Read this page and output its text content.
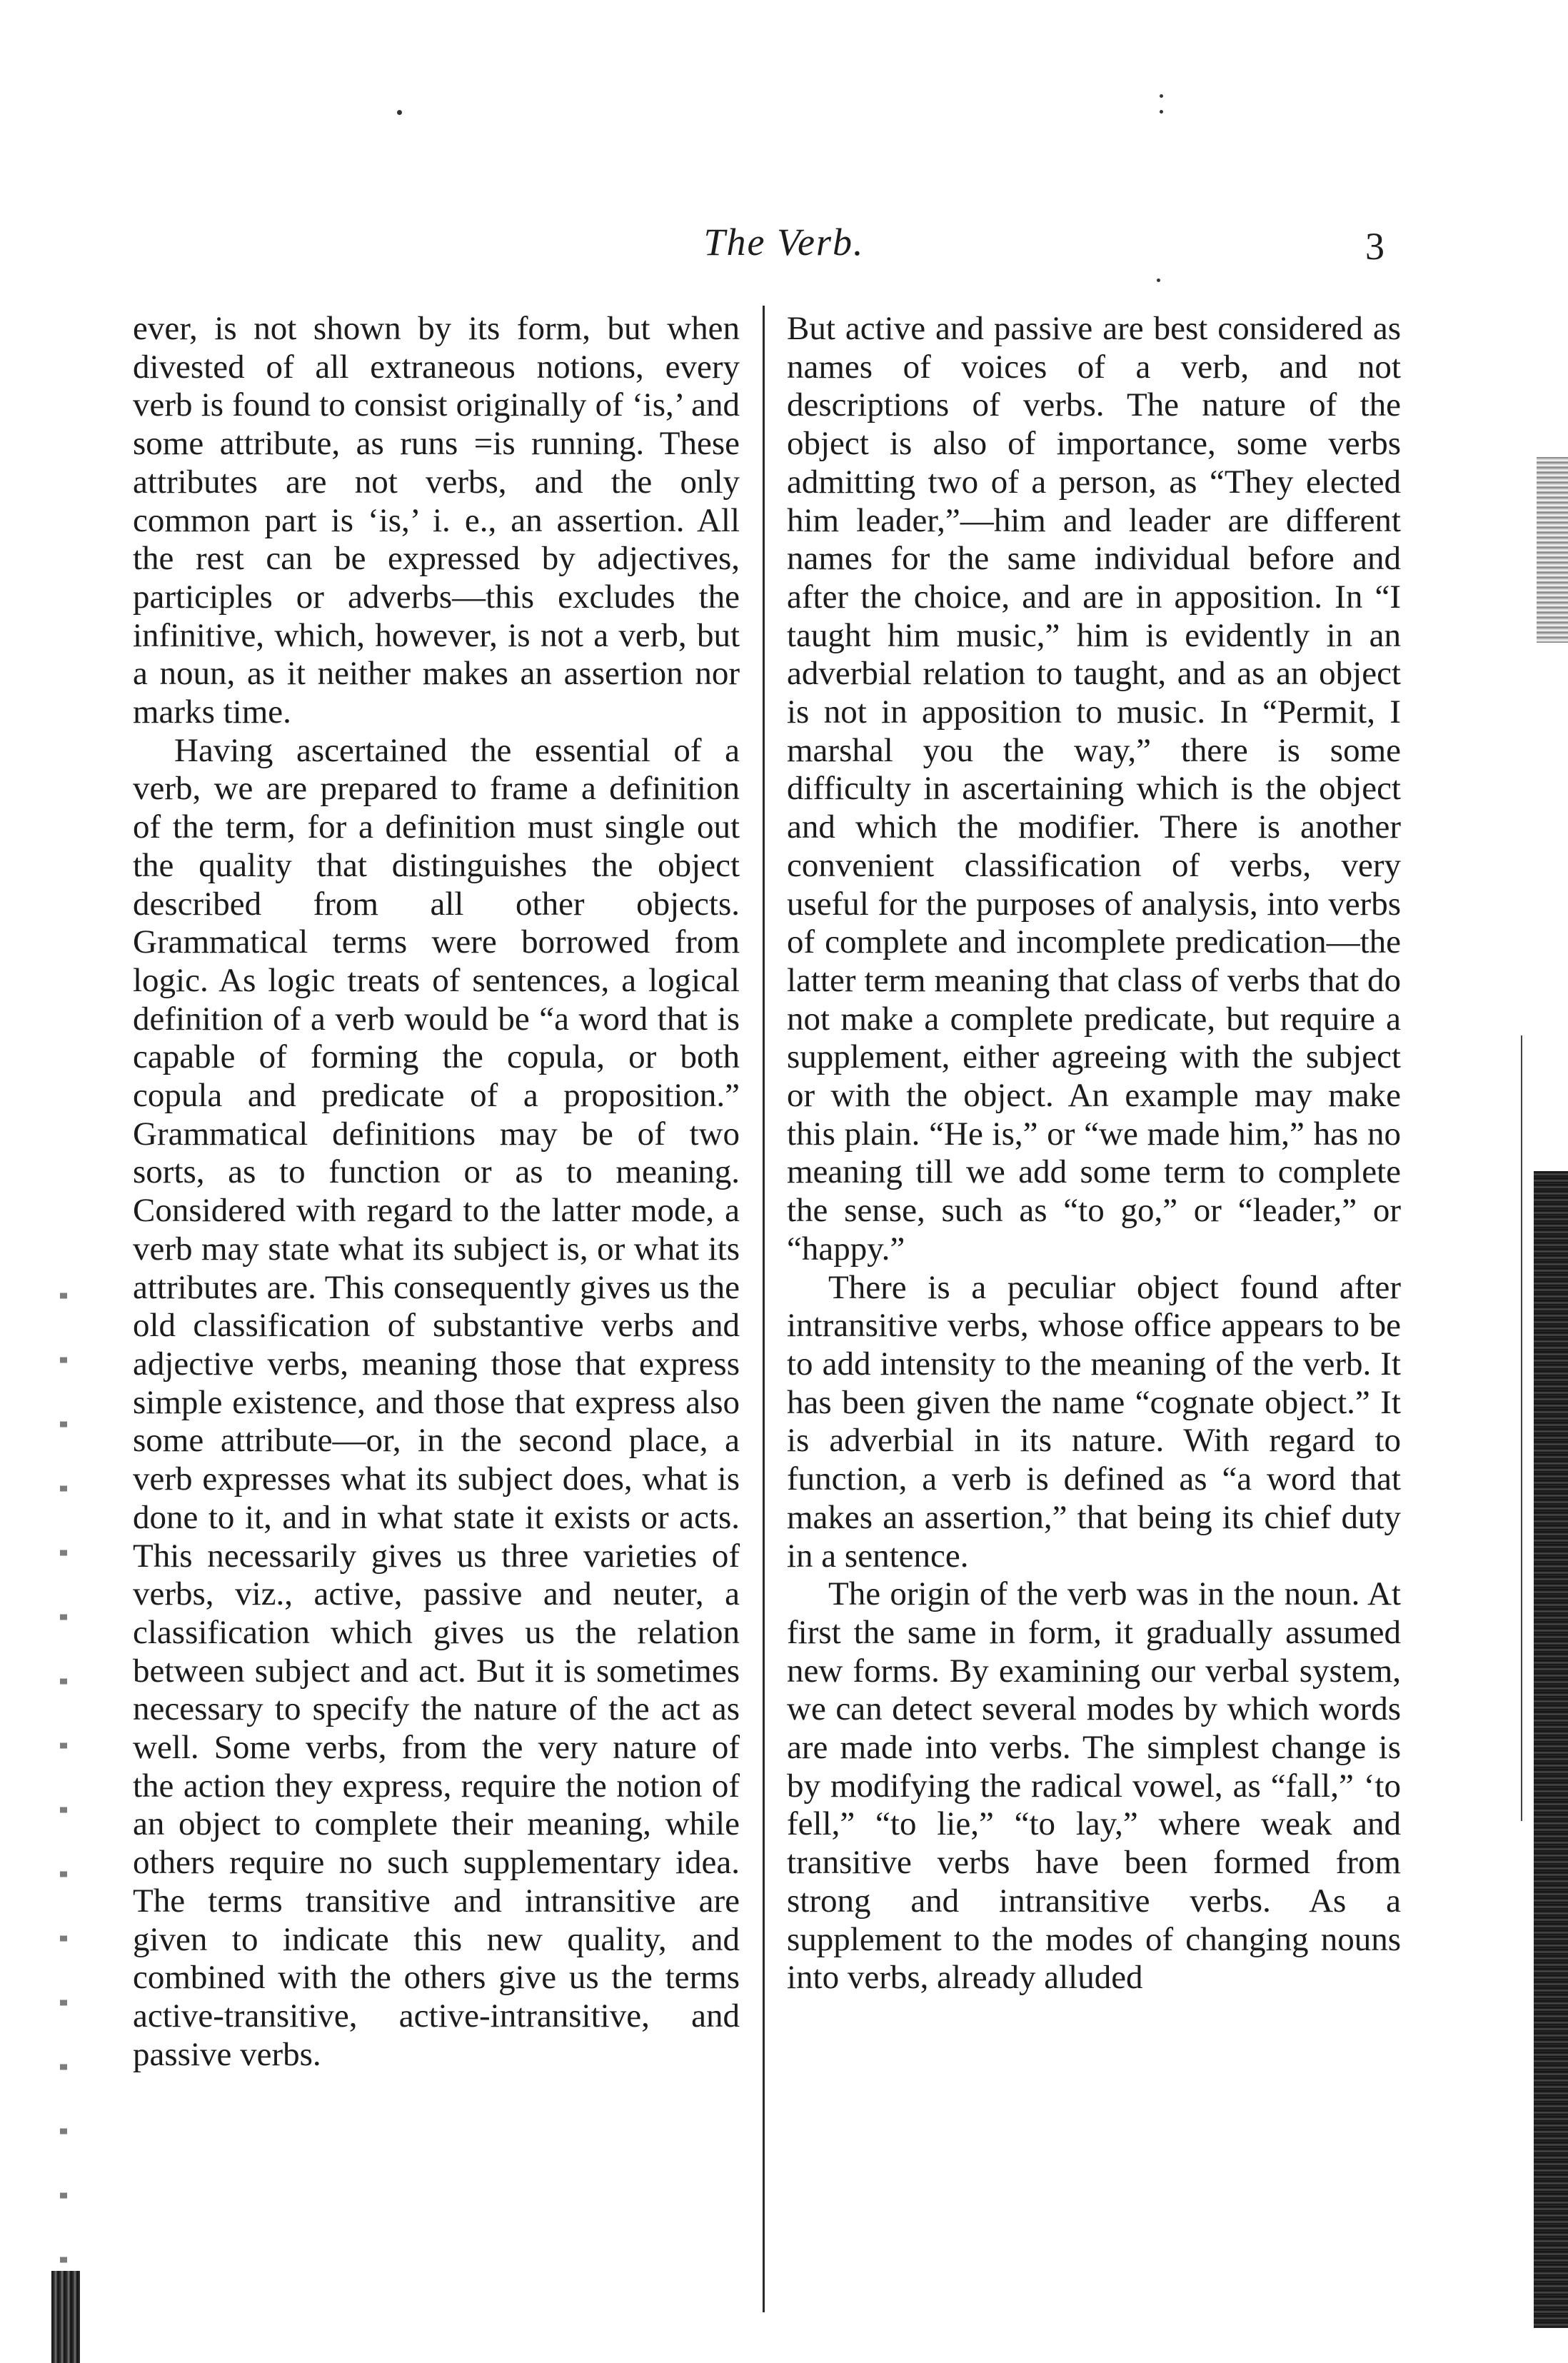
The Verb.	3

ever, is not shown by its form, but when divested of all extraneous notions, every verb is found to consist originally of ‘is,’ and some attribute, as runs =is running. These attributes are not verbs, and the only common part is ‘is,’ i. e., an assertion. All the rest can be expressed by adjectives, participles or adverbs—this excludes the infinitive, which, however, is not a verb, but a noun, as it neither makes an assertion nor marks time.

Having ascertained the essential of a verb, we are prepared to frame a definition of the term, for a definition must single out the quality that distinguishes the object described from all other objects. Grammatical terms were borrowed from logic. As logic treats of sentences, a logical definition of a verb would be “a word that is capable of forming the copula, or both copula and predicate of a proposition.” Grammatical definitions may be of two sorts, as to function or as to meaning. Considered with regard to the latter mode, a verb may state what its subject is, or what its attributes are. This consequently gives us the old classification of substantive verbs and adjective verbs, meaning those that express simple existence, and those that express also some attribute—or, in the second place, a verb expresses what its subject does, what is done to it, and in what state it exists or acts. This necessarily gives us three varieties of verbs, viz., active, passive and neuter, a classification which gives us the relation between subject and act. But it is sometimes necessary to specify the nature of the act as well. Some verbs, from the very nature of the action they express, require the notion of an object to complete their meaning, while others require no such supplementary idea. The terms transitive and intransitive are given to indicate this new quality, and combined with the others give us the terms active-transitive, active-intransitive, and passive verbs.

But active and passive are best considered as names of voices of a verb, and not descriptions of verbs. The nature of the object is also of importance, some verbs admitting two of a person, as “They elected him leader,”—him and leader are different names for the same individual before and after the choice, and are in apposition. In “I taught him music,” him is evidently in an adverbial relation to taught, and as an object is not in apposition to music. In “Permit, I marshal you the way,” there is some difficulty in ascertaining which is the object and which the modifier. There is another convenient classification of verbs, very useful for the purposes of analysis, into verbs of complete and incomplete predication—the latter term meaning that class of verbs that do not make a complete predicate, but require a supplement, either agreeing with the subject or with the object. An example may make this plain. “He is,” or “we made him,” has no meaning till we add some term to complete the sense, such as “to go,” or “leader,” or “happy.”

There is a peculiar object found after intransitive verbs, whose office appears to be to add intensity to the meaning of the verb. It has been given the name “cognate object.” It is adverbial in its nature. With regard to function, a verb is defined as “a word that makes an assertion,” that being its chief duty in a sentence.

The origin of the verb was in the noun. At first the same in form, it gradually assumed new forms. By examining our verbal system, we can detect several modes by which words are made into verbs. The simplest change is by modifying the radical vowel, as “fall,” ‘to fell,” “to lie,” “to lay,” where weak and transitive verbs have been formed from strong and intransitive verbs. As a supplement to the modes of changing nouns into verbs, already alluded
